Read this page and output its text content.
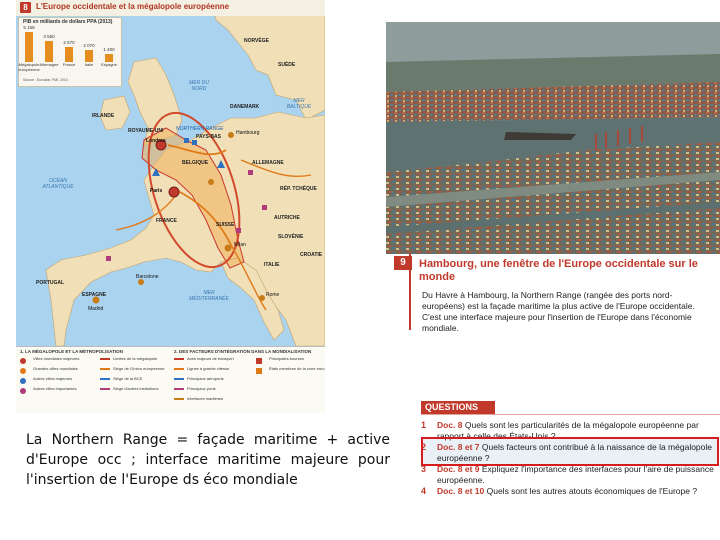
8	L'Europe occidentale et la mégalopole européenne
PIB en milliards de dollars PPA (2013)
5 158
Mégalopole européenne
3 550
Allemagne
2 570
France
2 070
Italie
1 400
Espagne
Source : Eurostat, FMI, 2014
NORVÈGE
SUÈDE
MER DU NORD
MER BALTIQUE
DANEMARK
IRLANDE
ROYAUME-UNI	NORTHERN RANGE
PAYS-BAS
Londres
Hambourg
ALLEMAGNE
BELGIQUE
Paris
OCÉAN ATLANTIQUE
FRANCE
SUISSE
AUTRICHE
RÉP. TCHÈQUE
SLOVÉNIE
ITALIE
Milan
ESPAGNE
PORTUGAL
Rome
Barcelone
Madrid
MER MÉDITERRANÉE
CROATIE
1. LA MÉGALOPOLE ET LA MÉTROPOLISATION	2. DES FACTEURS D'INTÉGRATION DANS LA MONDIALISATION
Villes mondiales majeures
Grandes villes mondiales
Autres villes majeures
Autres villes importantes
Limites de la mégalopole
Siège de l'Union européenne
Siège de la BCE
Siège d'autres institutions
Axes majeurs de transport
Lignes à grande vitesse
Principaux aéroports
Principaux ports
Interfaces maritimes
Principales bourses
États membres de la zone euro
9	Hambourg, une fenêtre de l'Europe occidentale sur le monde
Du Havre à Hambourg, la Northern Range (rangée des ports nord-européens) est la façade maritime la plus active de l'Europe occidentale. C'est une interface majeure pour l'insertion de l'Europe dans l'économie mondiale.
QUESTIONS
1	Doc. 8 Quels sont les particularités de la mégalopole européenne par rapport à celle des États-Unis ?
2	Doc. 8 et 7 Quels facteurs ont contribué à la naissance de la mégalopole européenne ?
3	Doc. 8 et 9 Expliquez l'importance des interfaces pour l'aire de puissance européenne.
4	Doc. 8 et 10 Quels sont les autres atouts économiques de l'Europe ?
La Northern Range = façade maritime + active d'Europe occ ; interface maritime majeure pour l'insertion de l'Europe ds éco mondiale
